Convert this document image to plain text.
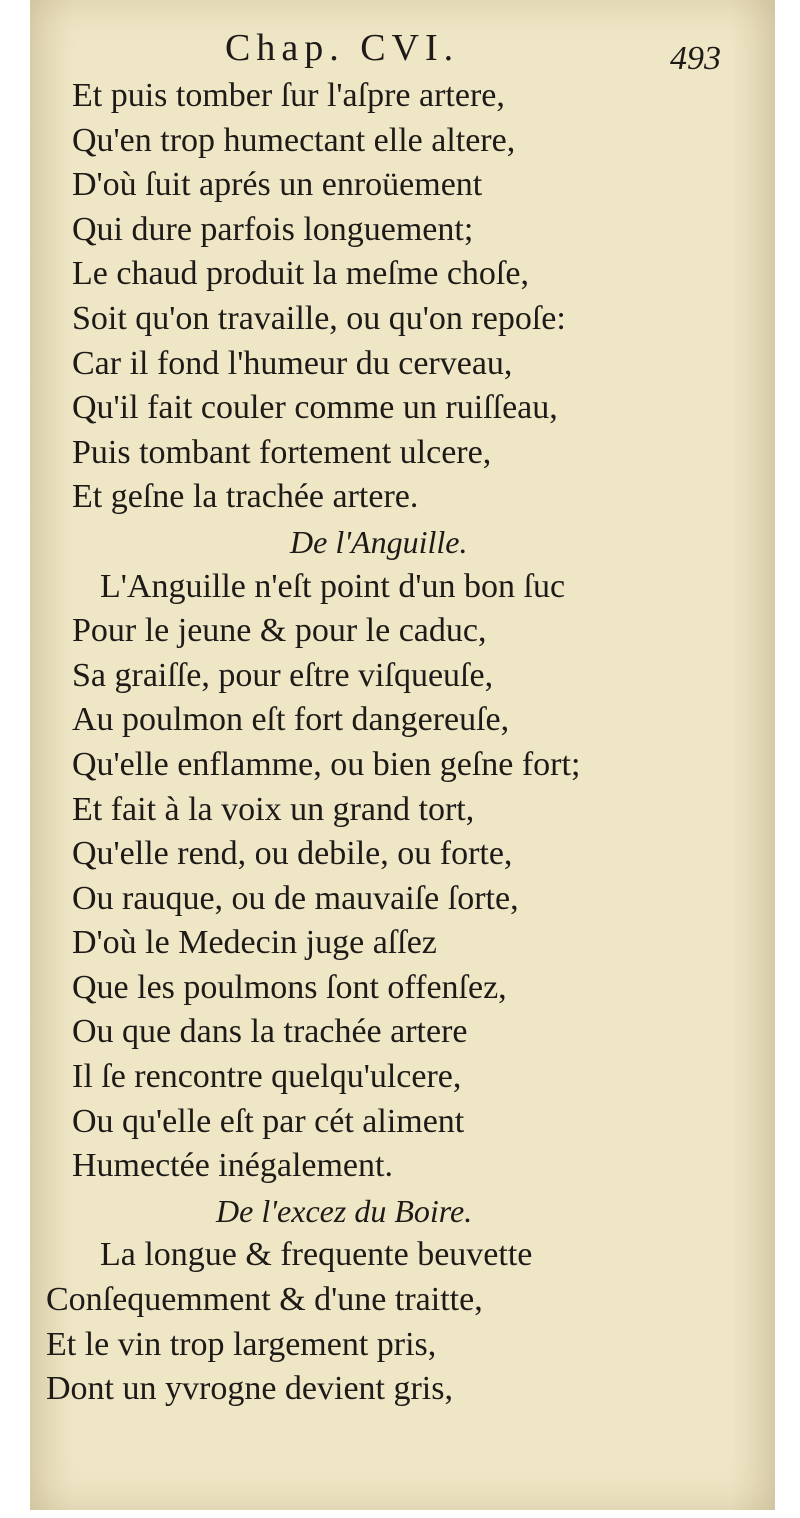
Chap. CVI.	493
Et puis tomber ſur l'aſpre artere,
Qu'en trop humectant elle altere,
D'où ſuit aprés un enroüement
Qui dure parfois longuement;
Le chaud produit la meſme choſe,
Soit qu'on travaille, ou qu'on repoſe:
Car il fond l'humeur du cerveau,
Qu'il fait couler comme un ruiſſeau,
Puis tombant fortement ulcere,
Et geſne la trachée artere.
De l'Anguille.
L'Anguille n'eſt point d'un bon ſuc
Pour le jeune & pour le caduc,
Sa graiſſe, pour eſtre viſqueuſe,
Au poulmon eſt fort dangereuſe,
Qu'elle enflamme, ou bien geſne fort;
Et fait à la voix un grand tort,
Qu'elle rend, ou debile, ou forte,
Ou rauque, ou de mauvaiſe ſorte,
D'où le Medecin juge aſſez
Que les poulmons ſont offenſez,
Ou que dans la trachée artere
Il ſe rencontre quelqu'ulcere,
Ou qu'elle eſt par cét aliment
Humectée inégalement.
De l'excez du Boire.
La longue & frequente beuvette
Conſequemment & d'une traitte,
Et le vin trop largement pris,
Dont un yvrogne devient gris,
